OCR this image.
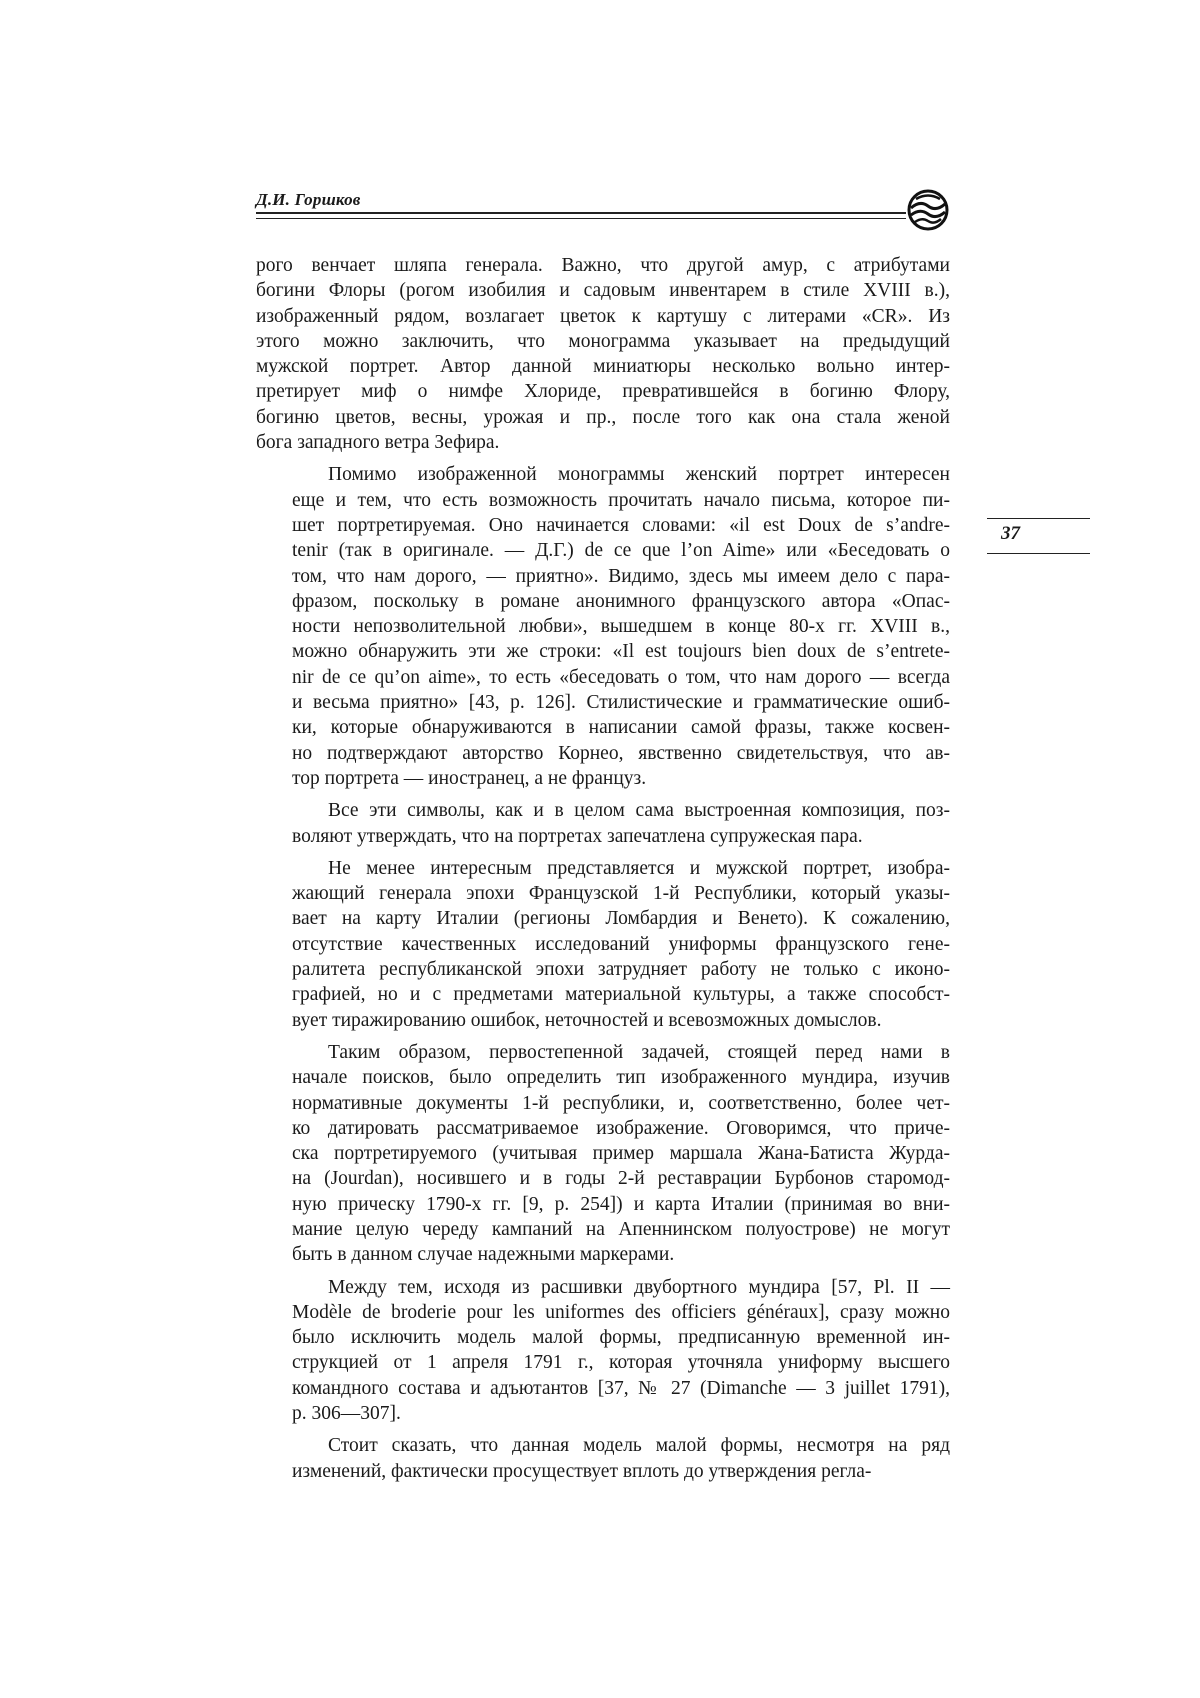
Д.И. Горшков
37

рого венчает шляпа генерала. Важно, что другой амур, с атрибутами
богини Флоры (рогом изобилия и садовым инвентарем в стиле XVIII в.),
изображенный рядом, возлагает цветок к картушу с литерами «CR». Из
этого можно заключить, что монограмма указывает на предыдущий
мужской портрет. Автор данной миниатюры несколько вольно интер-
претирует миф о нимфе Хлориде, превратившейся в богиню Флору,
богиню цветов, весны, урожая и пр., после того как она стала женой
бога западного ветра Зефира.

Помимо изображенной монограммы женский портрет интересен
еще и тем, что есть возможность прочитать начало письма, которое пи-
шет портретируемая. Оно начинается словами: «il est Doux de s’andre-
tenir (так в оригинале. — Д.Г.) de ce que l’on Aime» или «Беседовать о
том, что нам дорого, — приятно». Видимо, здесь мы имеем дело с пара-
фразом, поскольку в романе анонимного французского автора «Опас-
ности непозволительной любви», вышедшем в конце 80-х гг. XVIII в.,
можно обнаружить эти же строки: «Il est toujours bien doux de s’entrete-
nir de ce qu’on aime», то есть «беседовать о том, что нам дорого — всегда
и весьма приятно» [43, p. 126]. Стилистические и грамматические ошиб-
ки, которые обнаруживаются в написании самой фразы, также косвен-
но подтверждают авторство Корнео, явственно свидетельствуя, что ав-
тор портрета — иностранец, а не француз.

Все эти символы, как и в целом сама выстроенная композиция, поз-
воляют утверждать, что на портретах запечатлена супружеская пара.

Не менее интересным представляется и мужской портрет, изобра-
жающий генерала эпохи Французской 1-й Республики, который указы-
вает на карту Италии (регионы Ломбардия и Венето). К сожалению,
отсутствие качественных исследований униформы французского гене-
ралитета республиканской эпохи затрудняет работу не только с иконо-
графией, но и с предметами материальной культуры, а также способст-
вует тиражированию ошибок, неточностей и всевозможных домыслов.

Таким образом, первостепенной задачей, стоящей перед нами в
начале поисков, было определить тип изображенного мундира, изучив
нормативные документы 1-й республики, и, соответственно, более чет-
ко датировать рассматриваемое изображение. Оговоримся, что приче-
ска портретируемого (учитывая пример маршала Жана-Батиста Журда-
на (Jourdan), носившего и в годы 2-й реставрации Бурбонов старомод-
ную прическу 1790-х гг. [9, p. 254]) и карта Италии (принимая во вни-
мание целую череду кампаний на Апеннинском полуострове) не могут
быть в данном случае надежными маркерами.

Между тем, исходя из расшивки двубортного мундира [57, Pl. II —
Modèle de broderie pour les uniformes des officiers généraux], сразу можно
было исключить модель малой формы, предписанную временной ин-
струкцией от 1 апреля 1791 г., которая уточняла униформу высшего
командного состава и адъютантов [37, № 27 (Dimanche — 3 juillet 1791),
p. 306—307].

Стоит сказать, что данная модель малой формы, несмотря на ряд
изменений, фактически просуществует вплоть до утверждения регла-
